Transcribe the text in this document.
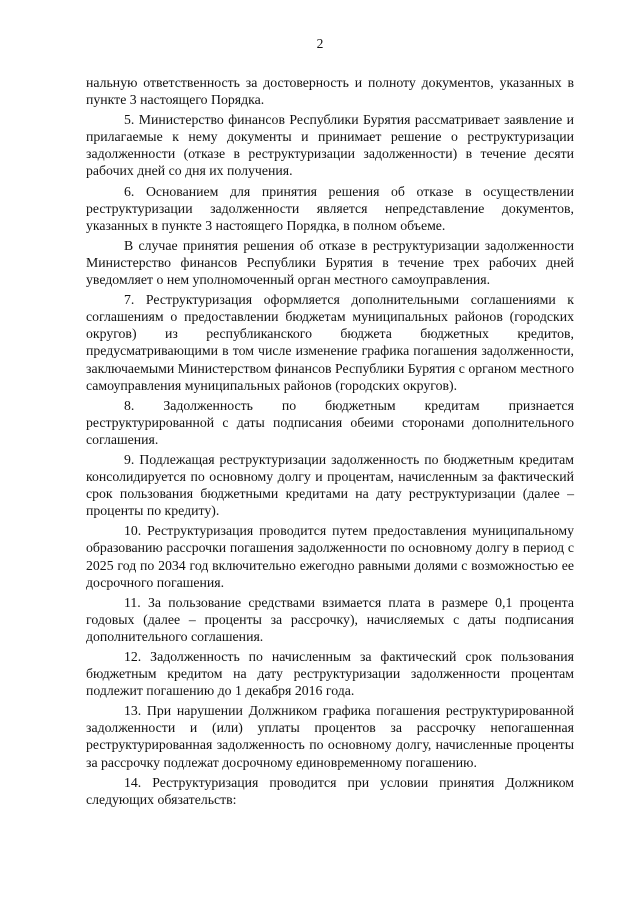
2

нальную ответственность за достоверность и полноту документов, указанных в пункте 3 настоящего Порядка.

5. Министерство финансов Республики Бурятия рассматривает заявление и прилагаемые к нему документы и принимает решение о реструктуризации задолженности (отказе в реструктуризации задолженности) в течение десяти рабочих дней со дня их получения.

6. Основанием для принятия решения об отказе в осуществлении реструктуризации задолженности является непредставление документов, указанных в пункте 3 настоящего Порядка, в полном объеме.

В случае принятия решения об отказе в реструктуризации задолженности Министерство финансов Республики Бурятия в течение трех рабочих дней уведомляет о нем уполномоченный орган местного самоуправления.

7. Реструктуризация оформляется дополнительными соглашениями к соглашениям о предоставлении бюджетам муниципальных районов (городских округов) из республиканского бюджета бюджетных кредитов, предусматривающими в том числе изменение графика погашения задолженности, заключаемыми Министерством финансов Республики Бурятия с органом местного самоуправления муниципальных районов (городских округов).

8. Задолженность по бюджетным кредитам признается реструктурированной с даты подписания обеими сторонами дополнительного соглашения.

9. Подлежащая реструктуризации задолженность по бюджетным кредитам консолидируется по основному долгу и процентам, начисленным за фактический срок пользования бюджетными кредитами на дату реструктуризации (далее – проценты по кредиту).

10. Реструктуризация проводится путем предоставления муниципальному образованию рассрочки погашения задолженности по основному долгу в период с 2025 год по 2034 год включительно ежегодно равными долями с возможностью ее досрочного погашения.

11. За пользование средствами взимается плата в размере 0,1 процента годовых (далее – проценты за рассрочку), начисляемых с даты подписания дополнительного соглашения.

12. Задолженность по начисленным за фактический срок пользования бюджетным кредитом на дату реструктуризации задолженности процентам подлежит погашению до 1 декабря 2016 года.

13. При нарушении Должником графика погашения реструктурированной задолженности и (или) уплаты процентов за рассрочку непогашенная реструктурированная задолженность по основному долгу, начисленные проценты за рассрочку подлежат досрочному единовременному погашению.

14. Реструктуризация проводится при условии принятия Должником следующих обязательств:
